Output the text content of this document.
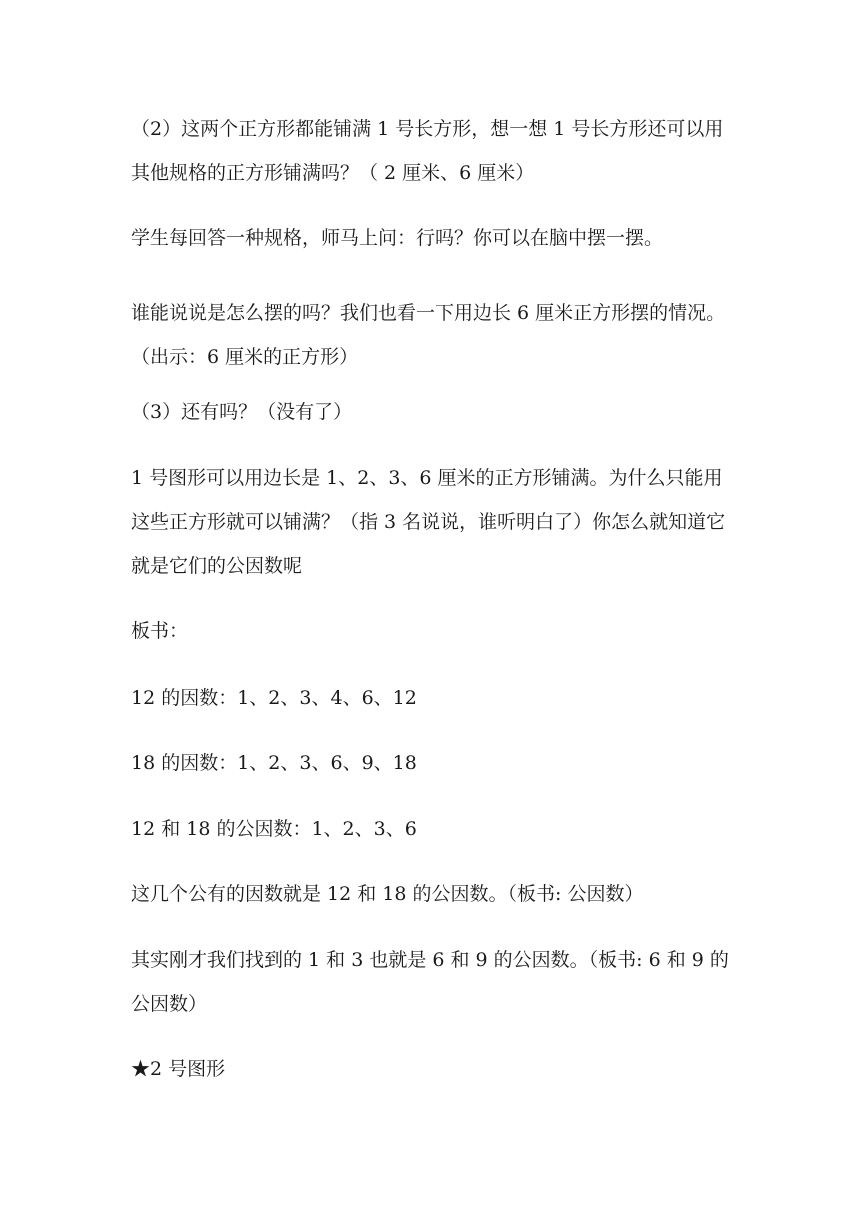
（2）这两个正方形都能铺满 1 号长方形，想一想 1 号长方形还可以用其他规格的正方形铺满吗？（ 2 厘米、6 厘米）

学生每回答一种规格，师马上问：行吗？你可以在脑中摆一摆。

谁能说说是怎么摆的吗？我们也看一下用边长 6 厘米正方形摆的情况。（出示：6 厘米的正方形）

（3）还有吗？（没有了）

1 号图形可以用边长是 1、2、3、6 厘米的正方形铺满。为什么只能用这些正方形就可以铺满？（指 3 名说说，谁听明白了）你怎么就知道它就是它们的公因数呢

板书：

12 的因数：1、2、3、4、6、12

18 的因数：1、2、3、6、9、18

12 和 18 的公因数：1、2、3、6

这几个公有的因数就是 12 和 18 的公因数。（板书: 公因数）

其实刚才我们找到的 1 和 3 也就是 6 和 9 的公因数。（板书: 6 和 9 的公因数）

★2 号图形
